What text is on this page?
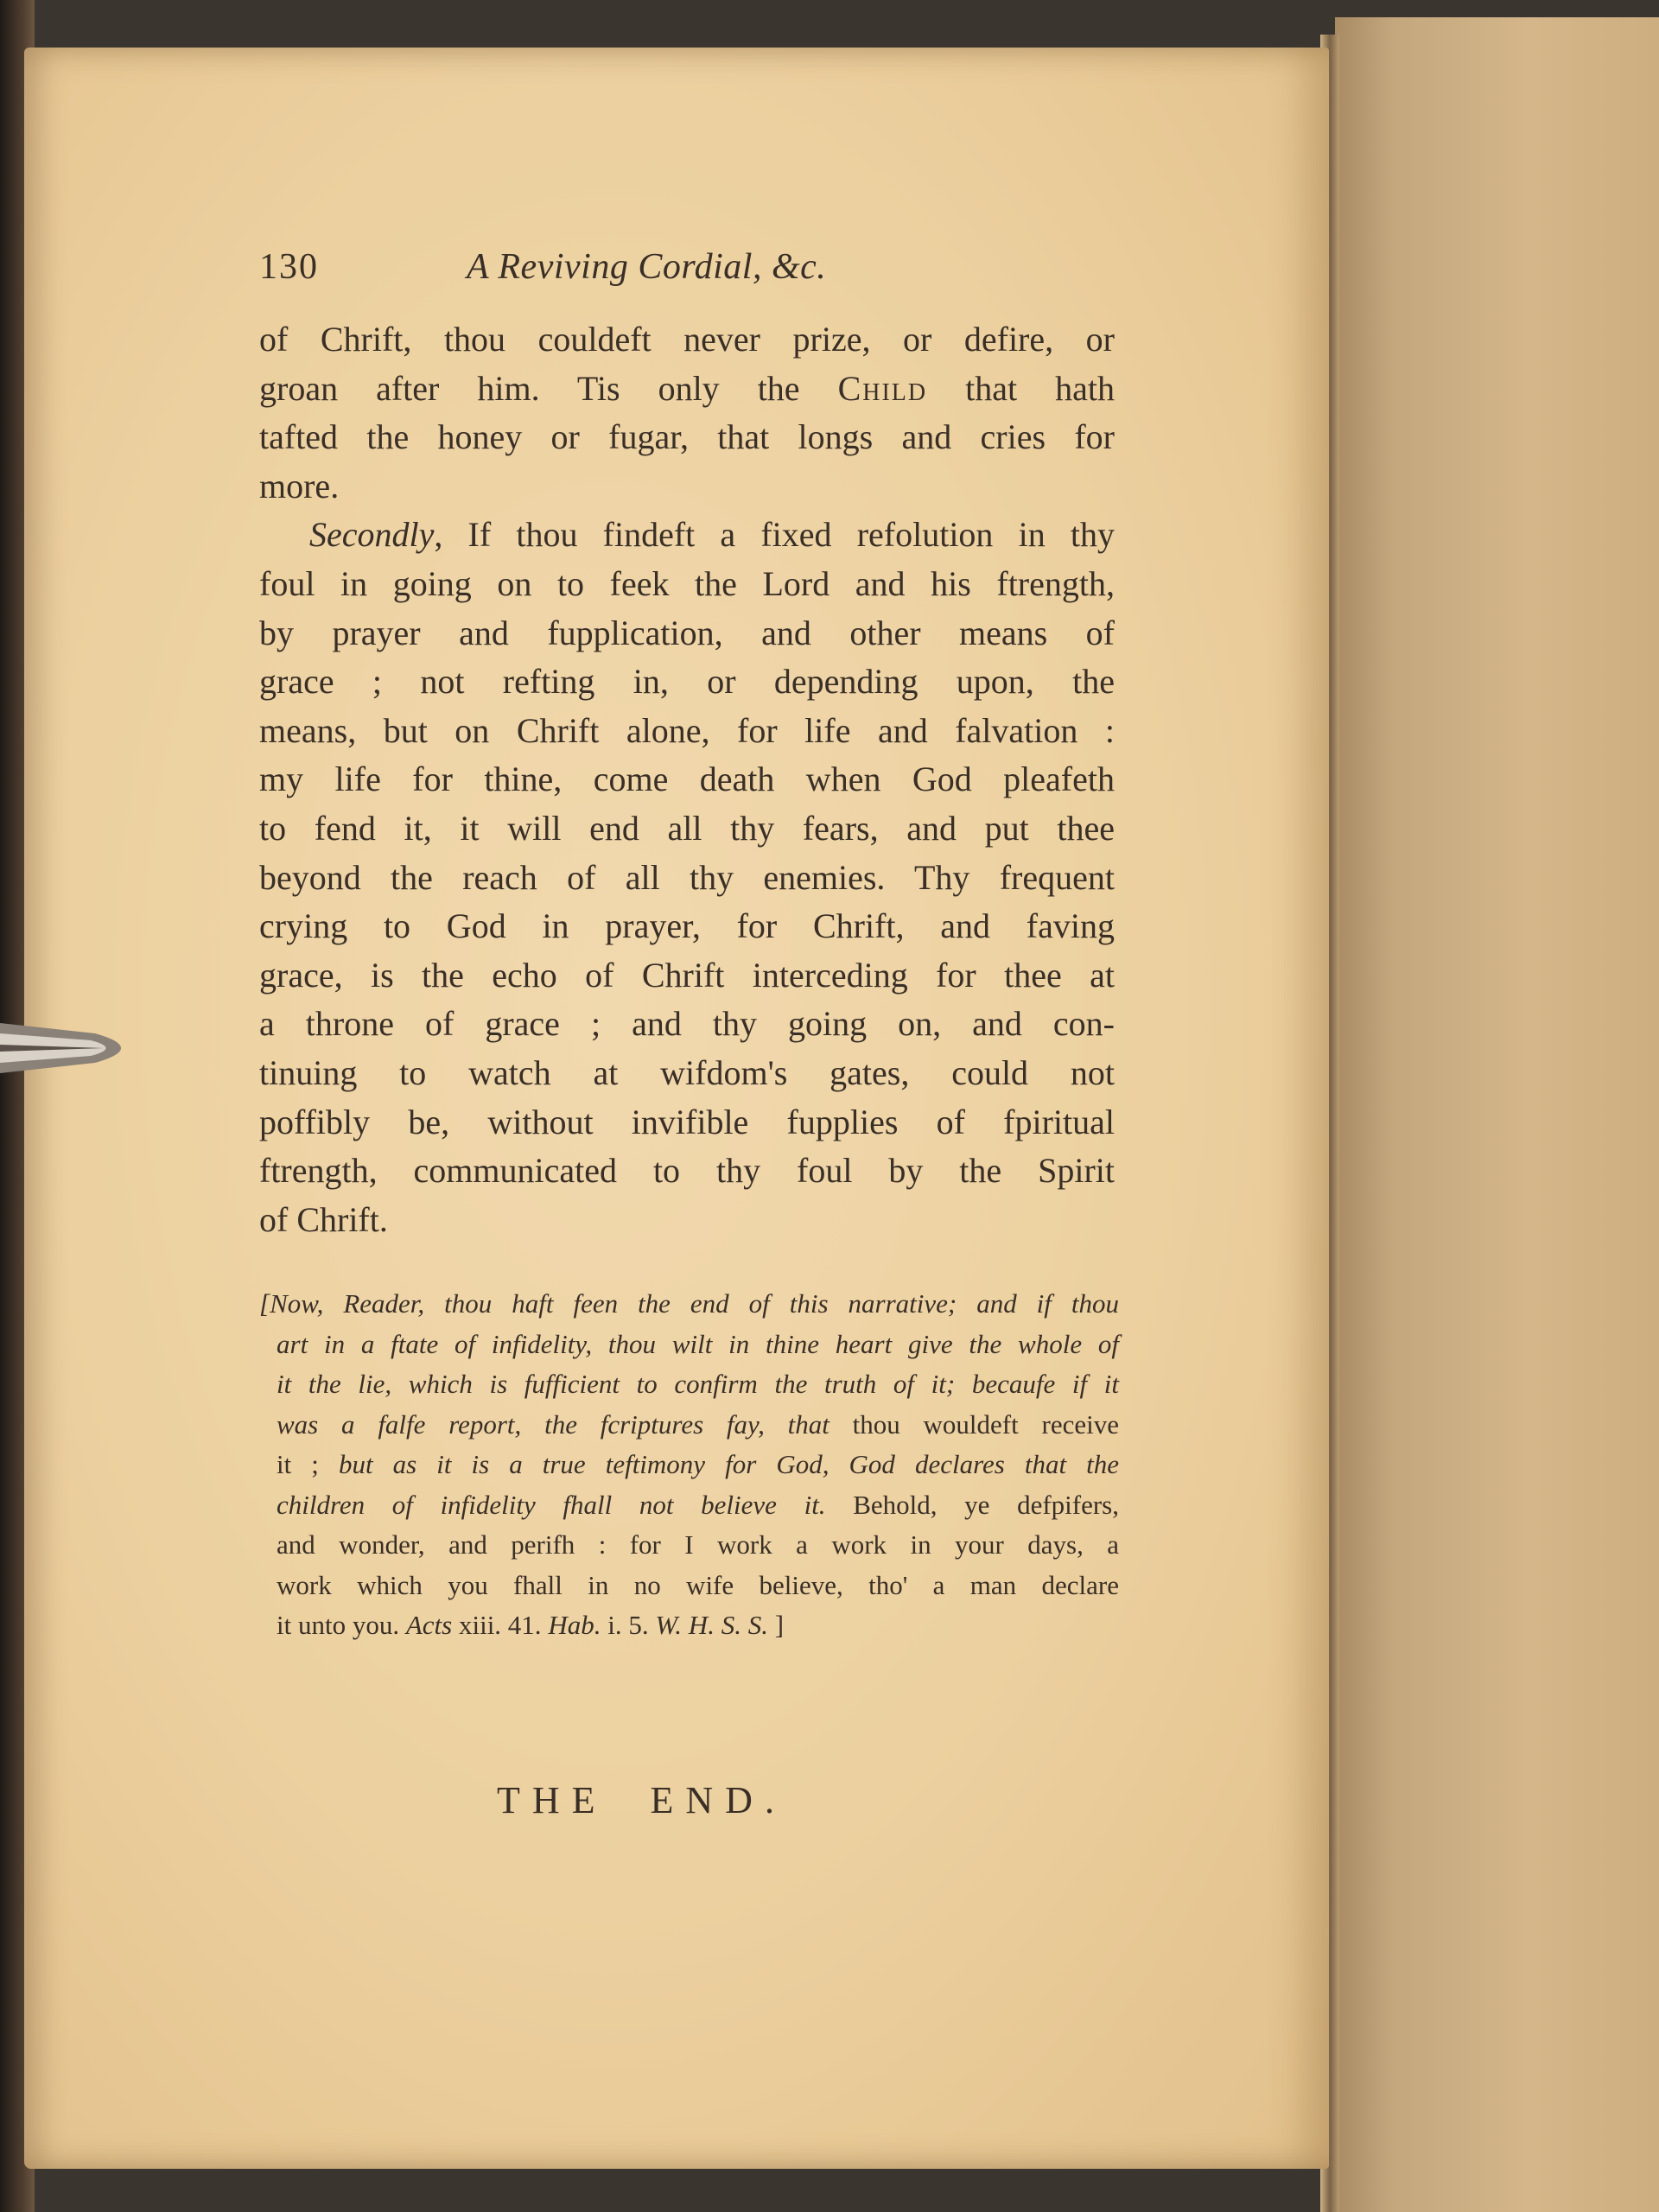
130	A Reviving Cordial, &c.
of Chrift, thou couldeft never prize, or defire, or
groan after him. Tis only the Child that hath
tafted the honey or fugar, that longs and cries for
more.
Secondly, If thou findeft a fixed refolution in thy
foul in going on to feek the Lord and his ftrength,
by prayer and fupplication, and other means of
grace ; not refting in, or depending upon, the
means, but on Chrift alone, for life and falvation :
my life for thine, come death when God pleafeth
to fend it, it will end all thy fears, and put thee
beyond the reach of all thy enemies. Thy frequent
crying to God in prayer, for Chrift, and faving
grace, is the echo of Chrift interceding for thee at
a throne of grace ; and thy going on, and con-
tinuing to watch at wifdom's gates, could not
poffibly be, without invifible fupplies of fpiritual
ftrength, communicated to thy foul by the Spirit
of Chrift.
[Now, Reader, thou haft feen the end of this narrative; and if thou
art in a ftate of infidelity, thou wilt in thine heart give the whole of
it the lie, which is fufficient to confirm the truth of it; becaufe if it
was a falfe report, the fcriptures fay, that thou wouldeft receive
it ; but as it is a true teftimony for God, God declares that the
children of infidelity fhall not believe it. Behold, ye defpifers,
and wonder, and perifh : for I work a work in your days, a
work which you fhall in no wife believe, tho' a man declare
it unto you. Acts xiii. 41. Hab. i. 5. W. H. S. S. ]
THE END.
